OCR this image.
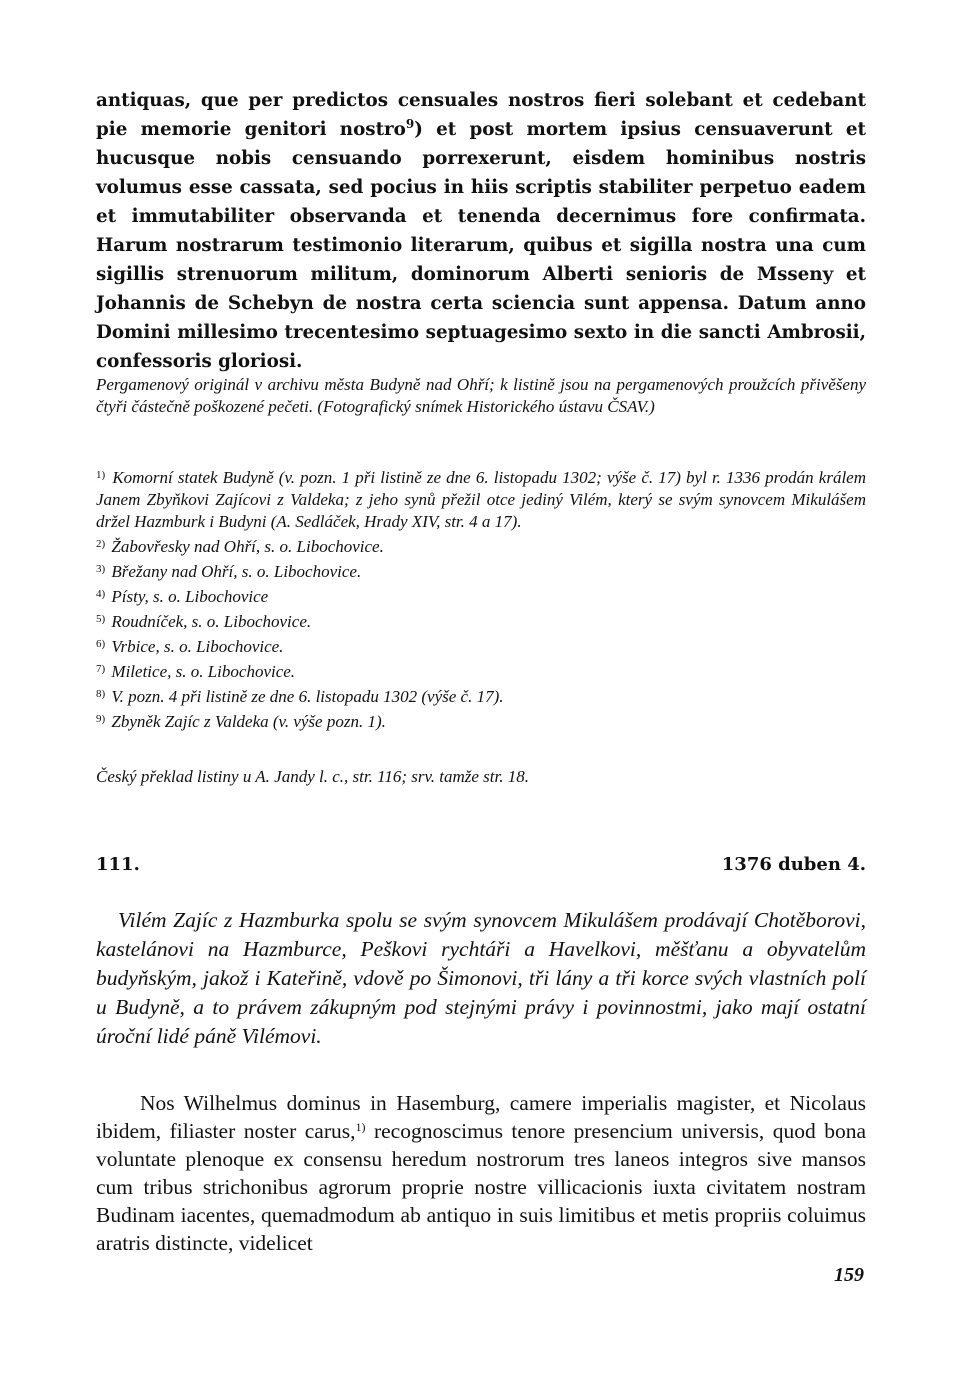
antiquas, que per predictos censuales nostros fieri solebant et cedebant pie memorie genitori nostro$^9$) et post mortem ipsius censuaverunt et hucusque nobis censuando porrexerunt, eisdem hominibus nostris volumus esse cassata, sed pocius in hiis scriptis stabiliter perpetuo eadem et immutabiliter observanda et tenenda decernimus fore confirmata. Harum nostrarum testimonio literarum, quibus et sigilla nostra una cum sigillis strenuorum militum, dominorum Alberti senioris de Msseny et Johannis de Schebyn de nostra certa sciencia sunt appensa. Datum anno Domini millesimo trecentesimo septuagesimo sexto in die sancti Ambrosii, confessoris gloriosi.

Pergamenový originál v archivu města Budyně nad Ohří; k listině jsou na pergamenových proužcích přivěšeny čtyři částečně poškozené pečeti. (Fotografický snímek Historického ústavu ČSAV.)

$^{1)}$ Komorní statek Budyně (v. pozn. 1 při listině ze dne 6. listopadu 1302; výše č. 17) byl r. 1336 prodán králem Janem Zbyňkovi Zajícovi z Valdeka; z jeho synů přežil otce jediný Vilém, který se svým synovcem Mikulášem držel Hazmburk i Budyni (A. Sedláček, Hrady XIV, str. 4 a 17).

$^{2)}$ Žabovřesky nad Ohří, s. o. Libochovice.

$^{3)}$ Břežany nad Ohří, s. o. Libochovice.

$^{4)}$ Písty, s. o. Libochovice

$^{5)}$ Roudníček, s. o. Libochovice.

$^{6)}$ Vrbice, s. o. Libochovice.

$^{7)}$ Miletice, s. o. Libochovice.

$^{8)}$ V. pozn. 4 při listině ze dne 6. listopadu 1302 (výše č. 17).

$^{9)}$ Zbyněk Zajíc z Valdeka (v. výše pozn. 1).

Český překlad listiny u A. Jandy l. c., str. 116; srv. tamže str. 18.

111.	1376 duben 4.

Vilém Zajíc z Hazmburka spolu se svým synovcem Mikulášem prodávají Chotěborovi, kastelánovi na Hazmburce, Peškovi rychtáři a Havelkovi, měšťanu a obyvatelům budyňským, jakož i Kateřině, vdově po Šimonovi, tři lány a tři korce svých vlastních polí u Budyně, a to právem zákupným pod stejnými právy i povinnostmi, jako mají ostatní úroční lidé páně Vilémovi.

Nos Wilhelmus dominus in Hasemburg, camere imperialis magister, et Nicolaus ibidem, filiaster noster carus,$^{1)}$ recognoscimus tenore presencium universis, quod bona voluntate plenoque ex consensu heredum nostrorum tres laneos integros sive mansos cum tribus strichonibus agrorum proprie nostre villicacionis iuxta civitatem nostram Budinam iacentes, quemadmodum ab antiquo in suis limitibus et metis propriis coluimus aratris distincte, videlicet

159
